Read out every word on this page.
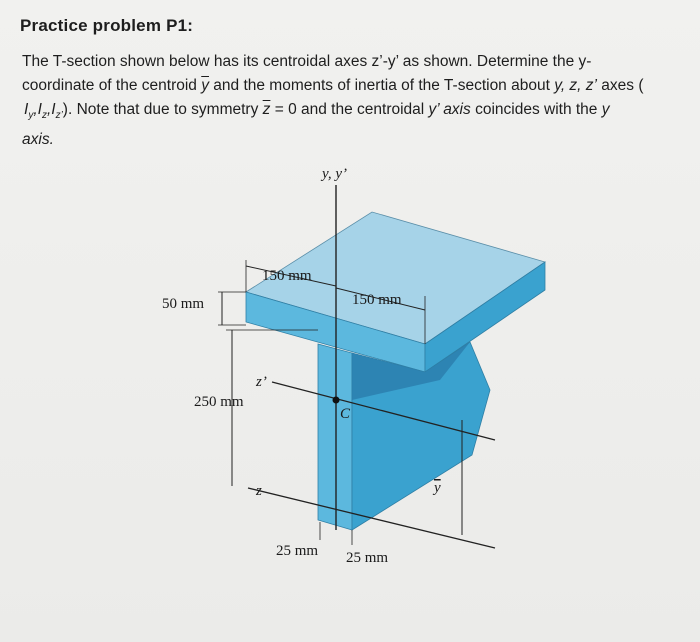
Practice problem P1:
The T-section shown below has its centroidal axes z’-y’ as shown. Determine the y-
coordinate of the centroid $\overline{y}$ and the moments of inertia of the T-section about y, z, z’ axes (
$I_y,I_z,I_{z’}$). Note that due to symmetry $\overline{z} = 0$ and the centroidal y’ axis coincides with the y
axis.
y, y’
150 mm
150 mm
50 mm
250 mm
z’
z
C
y
25 mm 25 mm
